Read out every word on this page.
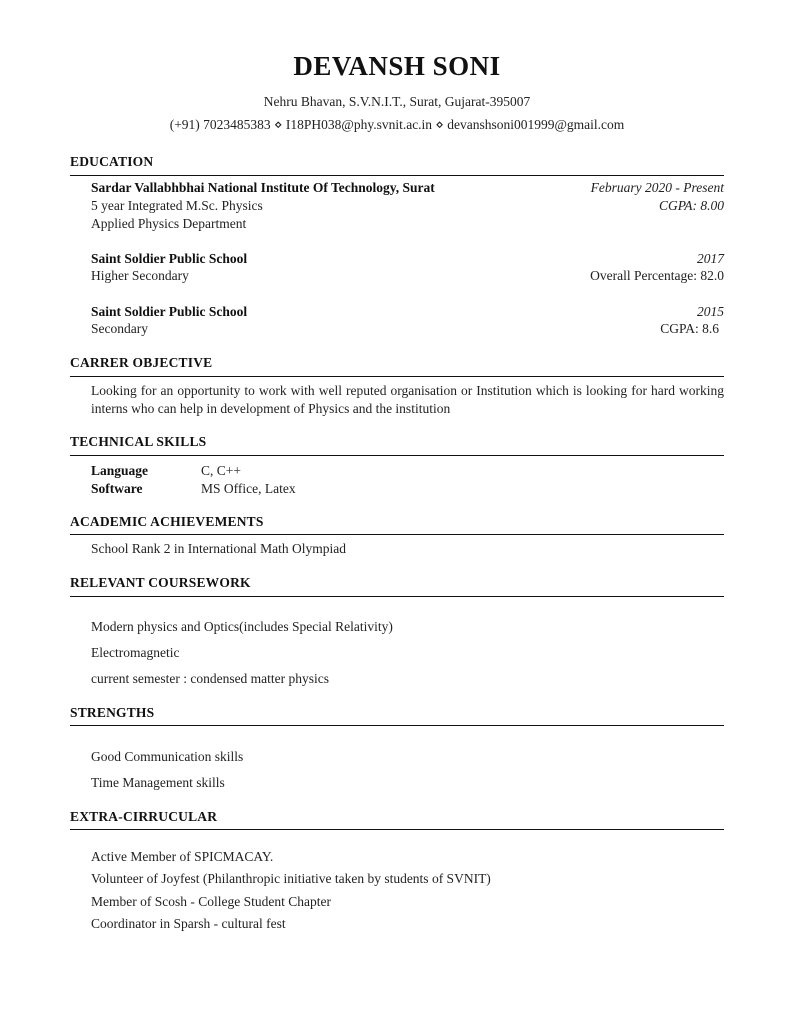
DEVANSH SONI
Nehru Bhavan, S.V.N.I.T., Surat, Gujarat-395007
(+91) 7023485383 ⋄ I18PH038@phy.svnit.ac.in ⋄ devanshsoni001999@gmail.com
EDUCATION
Sardar Vallabhbhai National Institute Of Technology, Surat	February 2020 - Present
5 year Integrated M.Sc. Physics	CGPA: 8.00
Applied Physics Department
Saint Soldier Public School	2017
Higher Secondary	Overall Percentage: 82.0
Saint Soldier Public School	2015
Secondary	CGPA: 8.6
CARRER OBJECTIVE
Looking for an opportunity to work with well reputed organisation or Institution which is looking for hard working interns who can help in development of Physics and the institution
TECHNICAL SKILLS
Language	C, C++
Software	MS Office, Latex
ACADEMIC ACHIEVEMENTS
School Rank 2 in International Math Olympiad
RELEVANT COURSEWORK
Modern physics and Optics(includes Special Relativity)
Electromagnetic
current semester : condensed matter physics
STRENGTHS
Good Communication skills
Time Management skills
EXTRA-CIRRUCULAR
Active Member of SPICMACAY.
Volunteer of Joyfest (Philanthropic initiative taken by students of SVNIT)
Member of Scosh - College Student Chapter
Coordinator in Sparsh - cultural fest
